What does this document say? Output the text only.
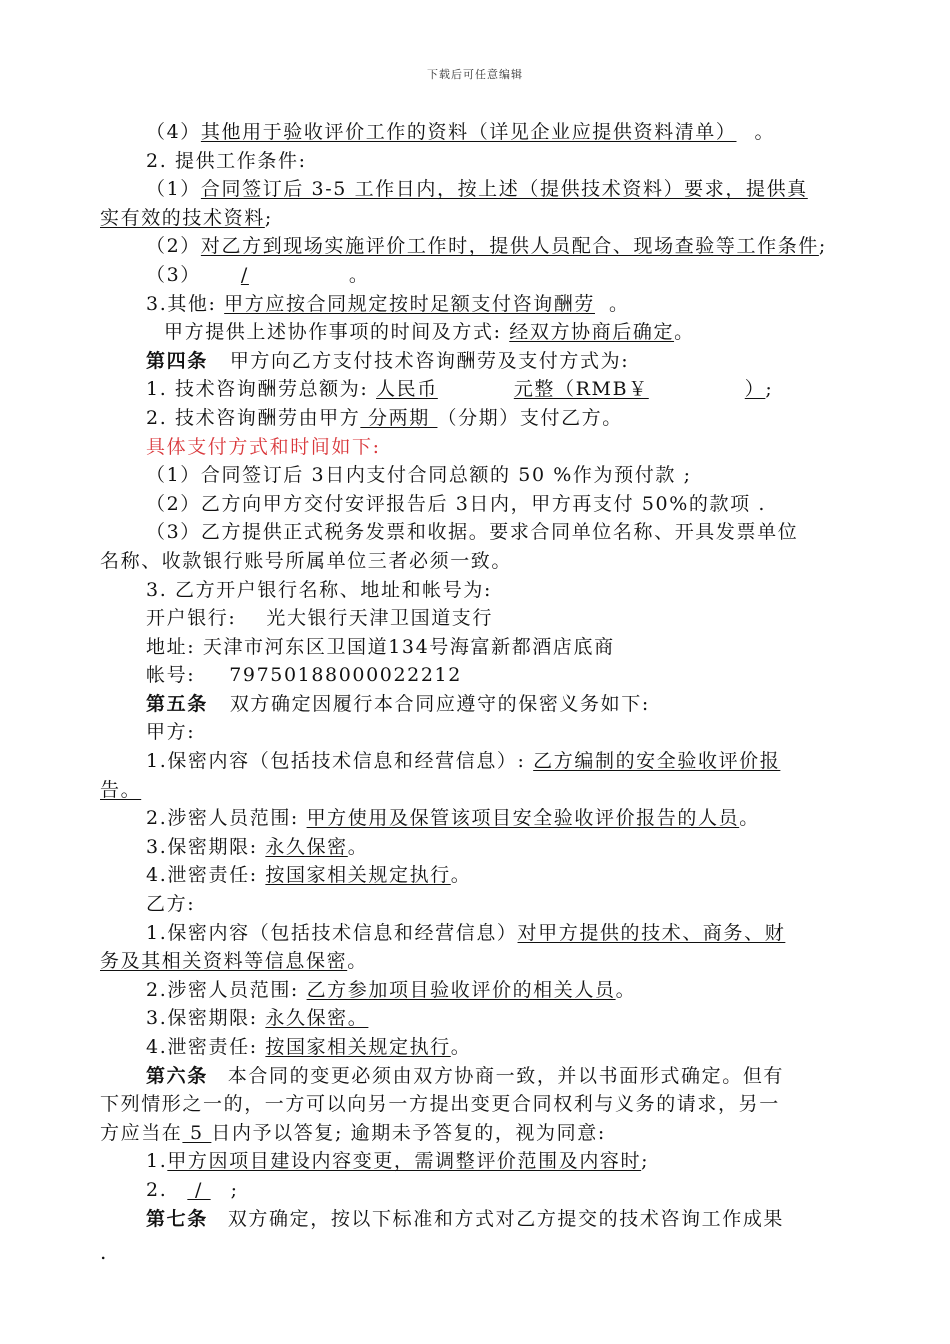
下载后可任意编辑
（4）其他用于验收评价工作的资料（详见企业应提供资料清单） 。
2. 提供工作条件:
（1）合同签订后 3-5 工作日内，按上述（提供技术资料）要求，提供真
实有效的技术资料;
（2）对乙方到现场实施评价工作时，提供人员配合、现场查验等工作条件;
（3） /	。
3.其他: 甲方应按合同规定按时足额支付咨询酬劳 。
甲方提供上述协作事项的时间及方式: 经双方协商后确定。
第四条 甲方向乙方支付技术咨询酬劳及支付方式为:
1. 技术咨询酬劳总额为: 人民币	元整（RMB￥	）;
2. 技术咨询酬劳由甲方 分两期 （分期）支付乙方。
具体支付方式和时间如下:
（1）合同签订后 3日内支付合同总额的 50 %作为预付款 ;
（2）乙方向甲方交付安评报告后 3日内，甲方再支付 50%的款项 .
（3）乙方提供正式税务发票和收据。要求合同单位名称、开具发票单位
名称、收款银行账号所属单位三者必须一致。
3. 乙方开户银行名称、地址和帐号为:
开户银行: 光大银行天津卫国道支行
地址: 天津市河东区卫国道134号海富新都酒店底商
帐号: 79750188000022212
第五条 双方确定因履行本合同应遵守的保密义务如下:
甲方:
1.保密内容（包括技术信息和经营信息）: 乙方编制的安全验收评价报
告。
2.涉密人员范围: 甲方使用及保管该项目安全验收评价报告的人员。
3.保密期限: 永久保密。
4.泄密责任: 按国家相关规定执行。
乙方:
1.保密内容（包括技术信息和经营信息）对甲方提供的技术、商务、财
务及其相关资料等信息保密。
2.涉密人员范围: 乙方参加项目验收评价的相关人员。
3.保密期限: 永久保密。
4.泄密责任: 按国家相关规定执行。
第六条 本合同的变更必须由双方协商一致，并以书面形式确定。但有
下列情形之一的，一方可以向另一方提出变更合同权利与义务的请求，另一
方应当在 5 日内予以答复; 逾期未予答复的，视为同意:
1.甲方因项目建设内容变更，需调整评价范围及内容时;
2. / ;
第七条 双方确定，按以下标准和方式对乙方提交的技术咨询工作成果
.
